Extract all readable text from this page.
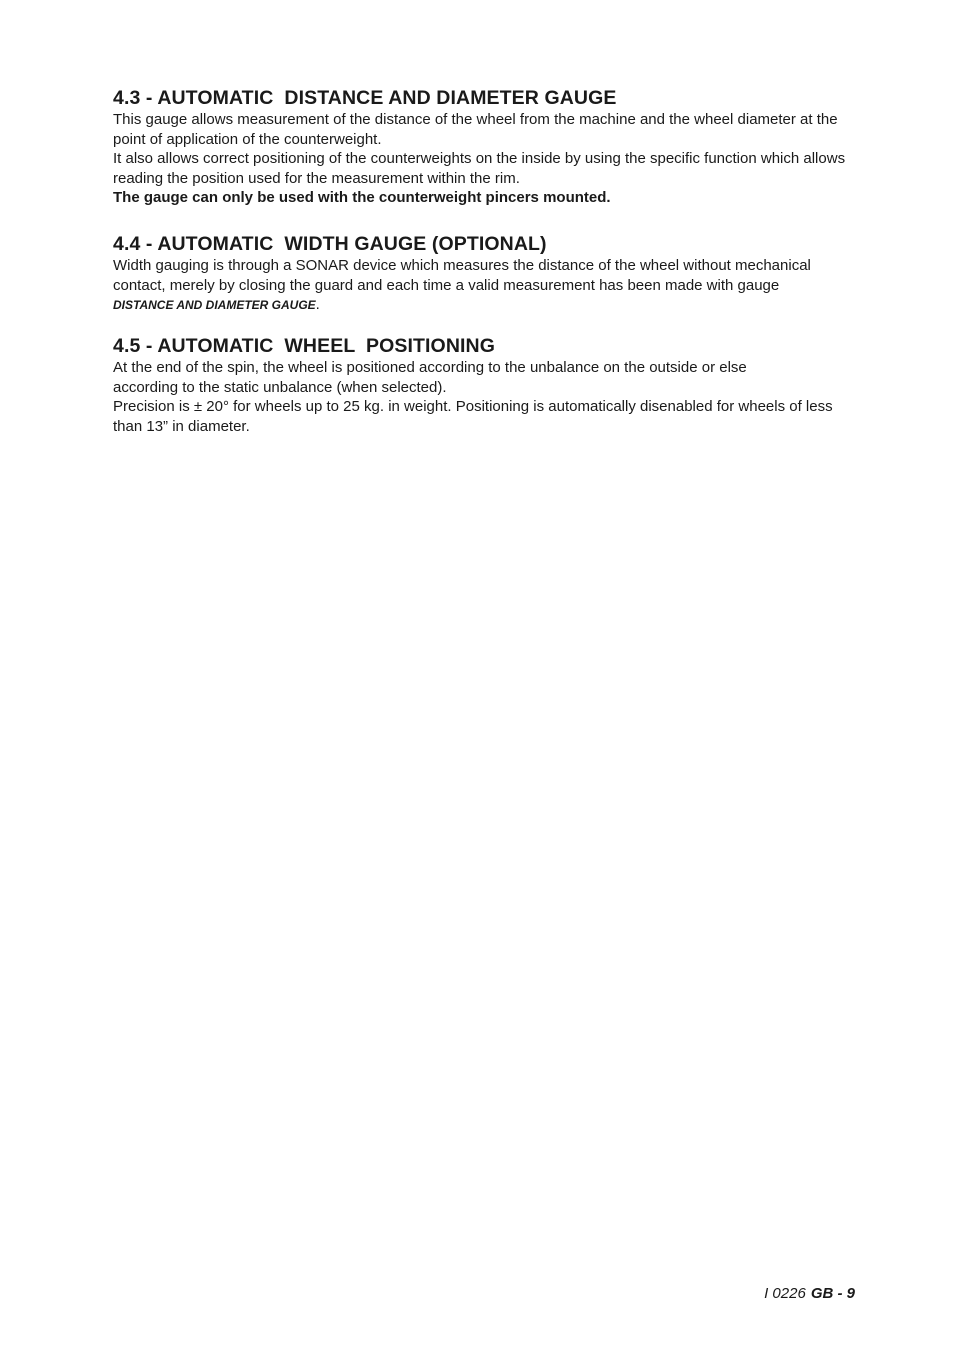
4.3 - AUTOMATIC  DISTANCE AND DIAMETER GAUGE

This gauge allows measurement of the distance of the wheel from the machine and the wheel diameter at the point of application of the counterweight.

It also allows correct positioning of the counterweights on the inside by using the specific function which allows reading the position used for the measurement within the rim.

The gauge can only be used with the counterweight pincers mounted.

4.4 - AUTOMATIC  WIDTH GAUGE (OPTIONAL)

Width gauging is through a SONAR device which measures the distance of the wheel without mechanical contact, merely by closing the guard and each time a valid measurement has been made with gauge
DISTANCE AND DIAMETER GAUGE.

4.5 - AUTOMATIC  WHEEL  POSITIONING

At the end of the spin, the wheel is positioned according to the unbalance on the outside or else according to the static unbalance (when selected).

Precision is ± 20° for wheels up to 25 kg. in weight. Positioning is automatically disenabled for wheels of less than 13” in diameter.

I 0226 GB - 9
